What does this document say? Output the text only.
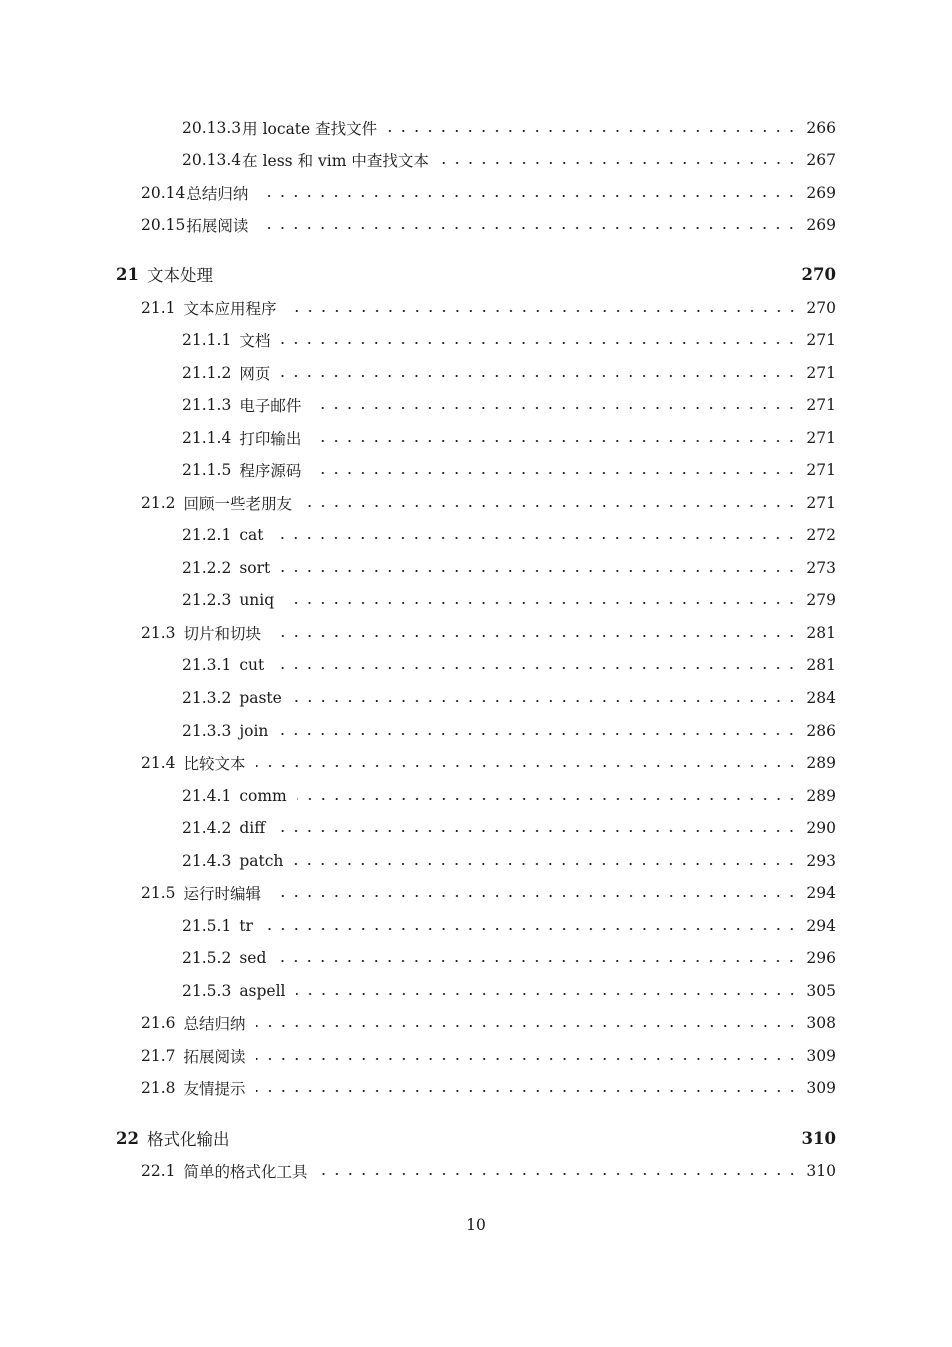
20.13.3 用 locate 查找文件	266
20.13.4 在 less 和 vim 中查找文本	267
20.14 总结归纳	269
20.15 拓展阅读	269
21 文本处理	270
21.1 文本应用程序	270
21.1.1 文档	271
21.1.2 网页	271
21.1.3 电子邮件	271
21.1.4 打印输出	271
21.1.5 程序源码	271
21.2 回顾一些老朋友	271
21.2.1 cat	272
21.2.2 sort	273
21.2.3 uniq	279
21.3 切片和切块	281
21.3.1 cut	281
21.3.2 paste	284
21.3.3 join	286
21.4 比较文本	289
21.4.1 comm	289
21.4.2 diff	290
21.4.3 patch	293
21.5 运行时编辑	294
21.5.1 tr	294
21.5.2 sed	296
21.5.3 aspell	305
21.6 总结归纳	308
21.7 拓展阅读	309
21.8 友情提示	309
22 格式化输出	310
22.1 简单的格式化工具	310
10
